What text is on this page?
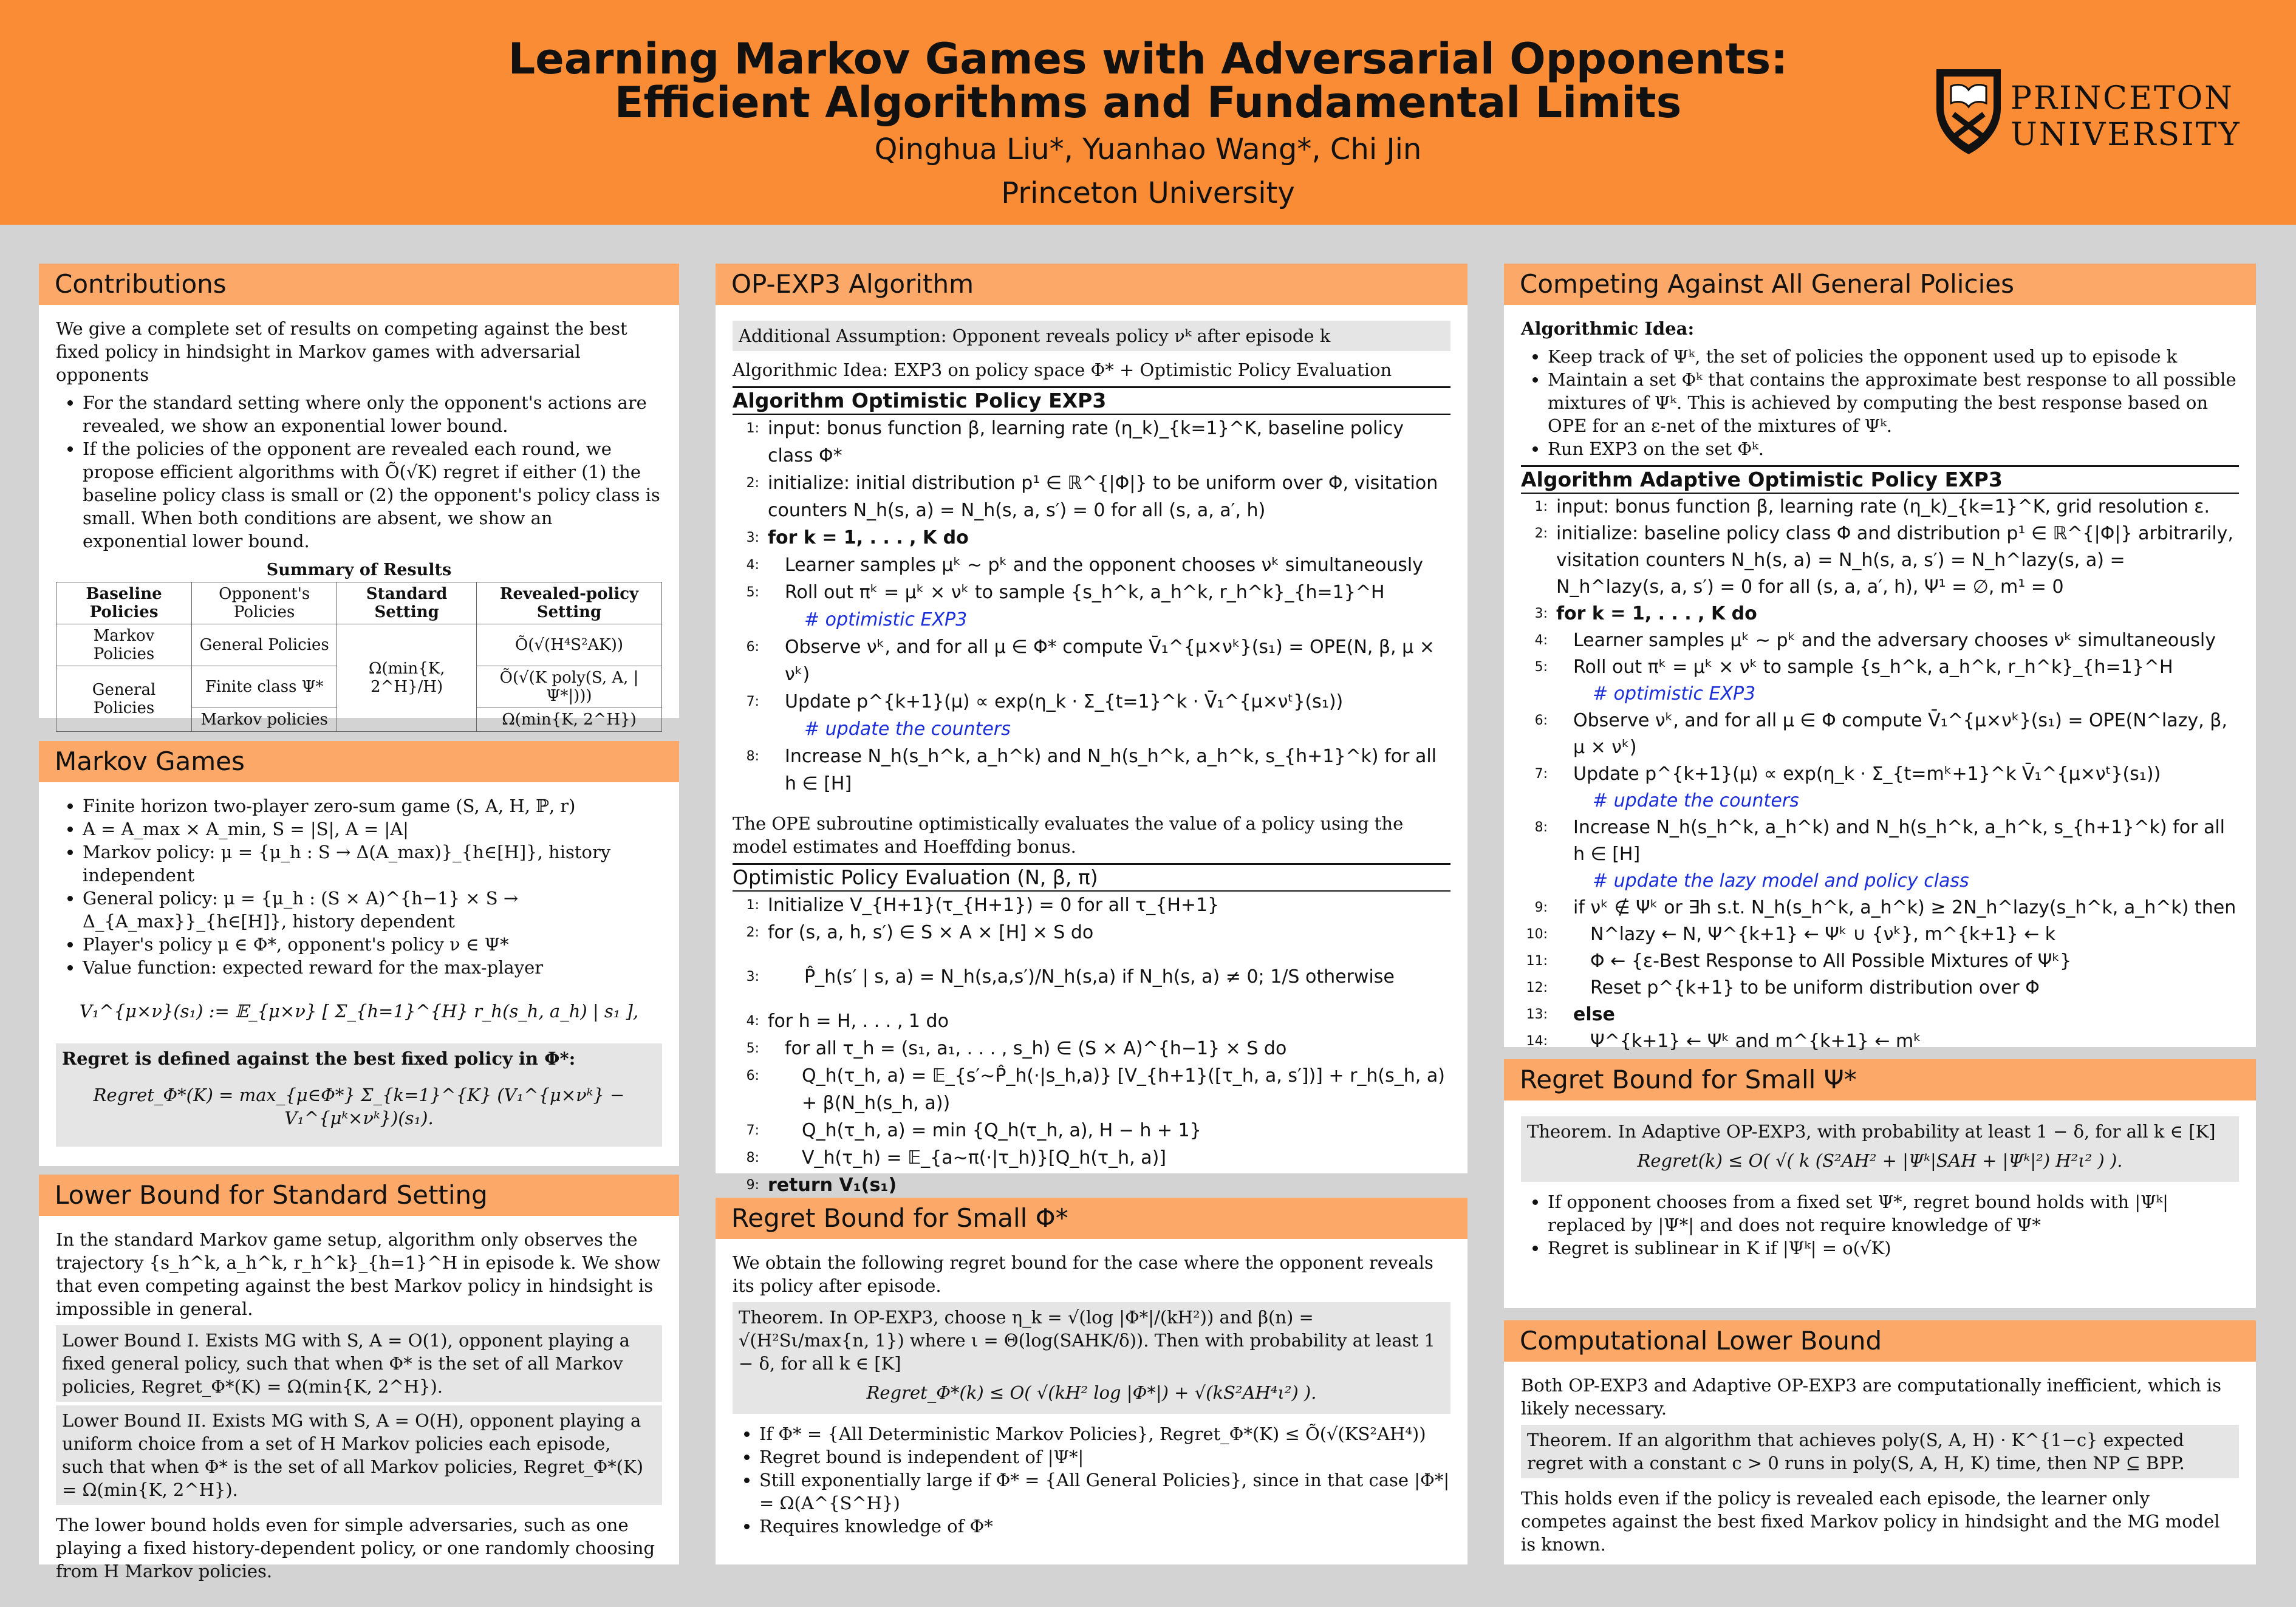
Learning Markov Games with Adversarial Opponents:
Efficient Algorithms and Fundamental Limits
Qinghua Liu*, Yuanhao Wang*, Chi Jin
Princeton University
PRINCETON
UNIVERSITY
Contributions

We give a complete set of results on competing against the best fixed policy in hindsight in Markov games with adversarial opponents

• For the standard setting where only the opponent's actions are revealed, we show an exponential lower bound.
• If the policies of the opponent are revealed each round, we propose efficient algorithms with Õ(√K) regret if either (1) the baseline policy class is small or (2) the opponent's policy class is small. When both conditions are absent, we show an exponential lower bound.
Summary of Results
Baseline Policies	Opponent's Policies	Standard Setting	Revealed-policy Setting
Markov Policies	General Policies	Ω(min{K, 2^H}/H)	Õ(√(H⁴S²AK))
General Policies	Finite class Ψ*		Õ(√(K poly(S, A, |Ψ*|)))
	Markov policies		Ω(min{K, 2^H})
Markov Games
• Finite horizon two-player zero-sum game (S, A, H, ℙ, r)
• A = A_max × A_min, S = |S|, A = |A|
• Markov policy: μ = {μ_h : S → Δ(A_max)}_{h∈[H]}, history independent
• General policy: μ = {μ_h : (S × A)^{h−1} × S → Δ_{A_max}}_{h∈[H]}, history dependent
• Player's policy μ ∈ Φ*, opponent's policy ν ∈ Ψ*
• Value function: expected reward for the max-player
V₁^{μ×ν}(s₁) := 𝔼_{μ×ν} [ Σ_{h=1}^{H} r_h(s_h, a_h) | s₁ ],
Regret is defined against the best fixed policy in Φ*:
Regret_Φ*(K) = max_{μ∈Φ*} Σ_{k=1}^{K} (V₁^{μ×νᵏ} − V₁^{μᵏ×νᵏ})(s₁).
Lower Bound for Standard Setting

In the standard Markov game setup, algorithm only observes the trajectory {s_h^k, a_h^k, r_h^k}_{h=1}^H in episode k. We show that even competing against the best Markov policy in hindsight is impossible in general.

Lower Bound I. Exists MG with S, A = O(1), opponent playing a fixed general policy, such that when Φ* is the set of all Markov policies, Regret_Φ*(K) = Ω(min{K, 2^H}).
Lower Bound II. Exists MG with S, A = O(H), opponent playing a uniform choice from a set of H Markov policies each episode, such that when Φ* is the set of all Markov policies, Regret_Φ*(K) = Ω(min{K, 2^H}).

The lower bound holds even for simple adversaries, such as one playing a fixed history-dependent policy, or one randomly choosing from H Markov policies.

OP-EXP3 Algorithm
Additional Assumption: Opponent reveals policy νᵏ after episode k

Algorithmic Idea: EXP3 on policy space Φ* + Optimistic Policy Evaluation

Algorithm Optimistic Policy EXP3
1: input: bonus function β, learning rate (η_k)_{k=1}^K, baseline policy class Φ*
2: initialize: initial distribution p¹ ∈ ℝ^{|Φ|} to be uniform over Φ, visitation counters N_h(s, a) = N_h(s, a, s′) = 0 for all (s, a, a′, h)
3: for k = 1, . . . , K do
4:	Learner samples μᵏ ∼ pᵏ and the opponent chooses νᵏ simultaneously
5:	Roll out πᵏ = μᵏ × νᵏ to sample {s_h^k, a_h^k, r_h^k}_{h=1}^H
# optimistic EXP3
6:	Observe νᵏ, and for all μ ∈ Φ* compute V̄₁^{μ×νᵏ}(s₁) = OPE(N, β, μ × νᵏ)
7:	Update p^{k+1}(μ) ∝ exp(η_k · Σ_{t=1}^k · V̄₁^{μ×νᵗ}(s₁))
# update the counters
8:	Increase N_h(s_h^k, a_h^k) and N_h(s_h^k, a_h^k, s_{h+1}^k) for all h ∈ [H]

The OPE subroutine optimistically evaluates the value of a policy using the model estimates and Hoeffding bonus.

Optimistic Policy Evaluation (N, β, π)
1: Initialize V_{H+1}(τ_{H+1}) = 0 for all τ_{H+1}
2: for (s, a, h, s′) ∈ S × A × [H] × S do
3:	P̂_h(s′ | s, a) = N_h(s,a,s′)/N_h(s,a) if N_h(s, a) ≠ 0; 1/S otherwise
4: for h = H, . . . , 1 do
5:	for all τ_h = (s₁, a₁, . . . , s_h) ∈ (S × A)^{h−1} × S do
6:	Q_h(τ_h, a) = 𝔼_{s′∼P̂_h(·|s_h,a)} [V_{h+1}([τ_h, a, s′])] + r_h(s_h, a) + β(N_h(s_h, a))
7:	Q_h(τ_h, a) = min {Q_h(τ_h, a), H − h + 1}
8:	V_h(τ_h) = 𝔼_{a∼π(·|τ_h)}[Q_h(τ_h, a)]
9: return V₁(s₁)
Regret Bound for Small Φ*

We obtain the following regret bound for the case where the opponent reveals its policy after episode.

Theorem. In OP-EXP3, choose η_k = √(log |Φ*|/(kH²)) and β(n) = √(H²Sι/max{n, 1}) where ι = Θ(log(SAHK/δ)). Then with probability at least 1 − δ, for all k ∈ [K]
Regret_Φ*(k) ≤ O( √(kH² log |Φ*|) + √(kS²AH⁴ι²) ).
• If Φ* = {All Deterministic Markov Policies}, Regret_Φ*(K) ≤ Õ(√(KS²AH⁴))
• Regret bound is independent of |Ψ*|
• Still exponentially large if Φ* = {All General Policies}, since in that case |Φ*| = Ω(A^{S^H})
• Requires knowledge of Φ*
Competing Against All General Policies

Algorithmic Idea:

• Keep track of Ψᵏ, the set of policies the opponent used up to episode k
• Maintain a set Φᵏ that contains the approximate best response to all possible mixtures of Ψᵏ. This is achieved by computing the best response based on OPE for an ε-net of the mixtures of Ψᵏ.
• Run EXP3 on the set Φᵏ.
Algorithm Adaptive Optimistic Policy EXP3
1: input: bonus function β, learning rate (η_k)_{k=1}^K, grid resolution ε.
2: initialize: baseline policy class Φ and distribution p¹ ∈ ℝ^{|Φ|} arbitrarily, visitation counters N_h(s, a) = N_h(s, a, s′) = N_h^lazy(s, a) = N_h^lazy(s, a, s′) = 0 for all (s, a, a′, h), Ψ¹ = ∅, m¹ = 0
3: for k = 1, . . . , K do
4:	Learner samples μᵏ ∼ pᵏ and the adversary chooses νᵏ simultaneously
5:	Roll out πᵏ = μᵏ × νᵏ to sample {s_h^k, a_h^k, r_h^k}_{h=1}^H
# optimistic EXP3
6:	Observe νᵏ, and for all μ ∈ Φ compute V̄₁^{μ×νᵏ}(s₁) = OPE(N^lazy, β, μ × νᵏ)
7:	Update p^{k+1}(μ) ∝ exp(η_k · Σ_{t=mᵏ+1}^k V̄₁^{μ×νᵗ}(s₁))
# update the counters
8:	Increase N_h(s_h^k, a_h^k) and N_h(s_h^k, a_h^k, s_{h+1}^k) for all h ∈ [H]
# update the lazy model and policy class
9:	if νᵏ ∉ Ψᵏ or ∃h s.t. N_h(s_h^k, a_h^k) ≥ 2N_h^lazy(s_h^k, a_h^k) then
10:	N^lazy ← N, Ψ^{k+1} ← Ψᵏ ∪ {νᵏ}, m^{k+1} ← k
11:	Φ ← {ε-Best Response to All Possible Mixtures of Ψᵏ}
12:	Reset p^{k+1} to be uniform distribution over Φ
13:	else
14:	Ψ^{k+1} ← Ψᵏ and m^{k+1} ← mᵏ
Regret Bound for Small Ψ*
Theorem. In Adaptive OP-EXP3, with probability at least 1 − δ, for all k ∈ [K]
Regret(k) ≤ O( √( k (S²AH² + |Ψᵏ|SAH + |Ψᵏ|²) H²ι² ) ).
• If opponent chooses from a fixed set Ψ*, regret bound holds with |Ψᵏ| replaced by |Ψ*| and does not require knowledge of Ψ*
• Regret is sublinear in K if |Ψᵏ| = o(√K)
Computational Lower Bound

Both OP-EXP3 and Adaptive OP-EXP3 are computationally inefficient, which is likely necessary.

Theorem. If an algorithm that achieves poly(S, A, H) · K^{1−c} expected regret with a constant c > 0 runs in poly(S, A, H, K) time, then NP ⊆ BPP.

This holds even if the policy is revealed each episode, the learner only competes against the best fixed Markov policy in hindsight and the MG model is known.
